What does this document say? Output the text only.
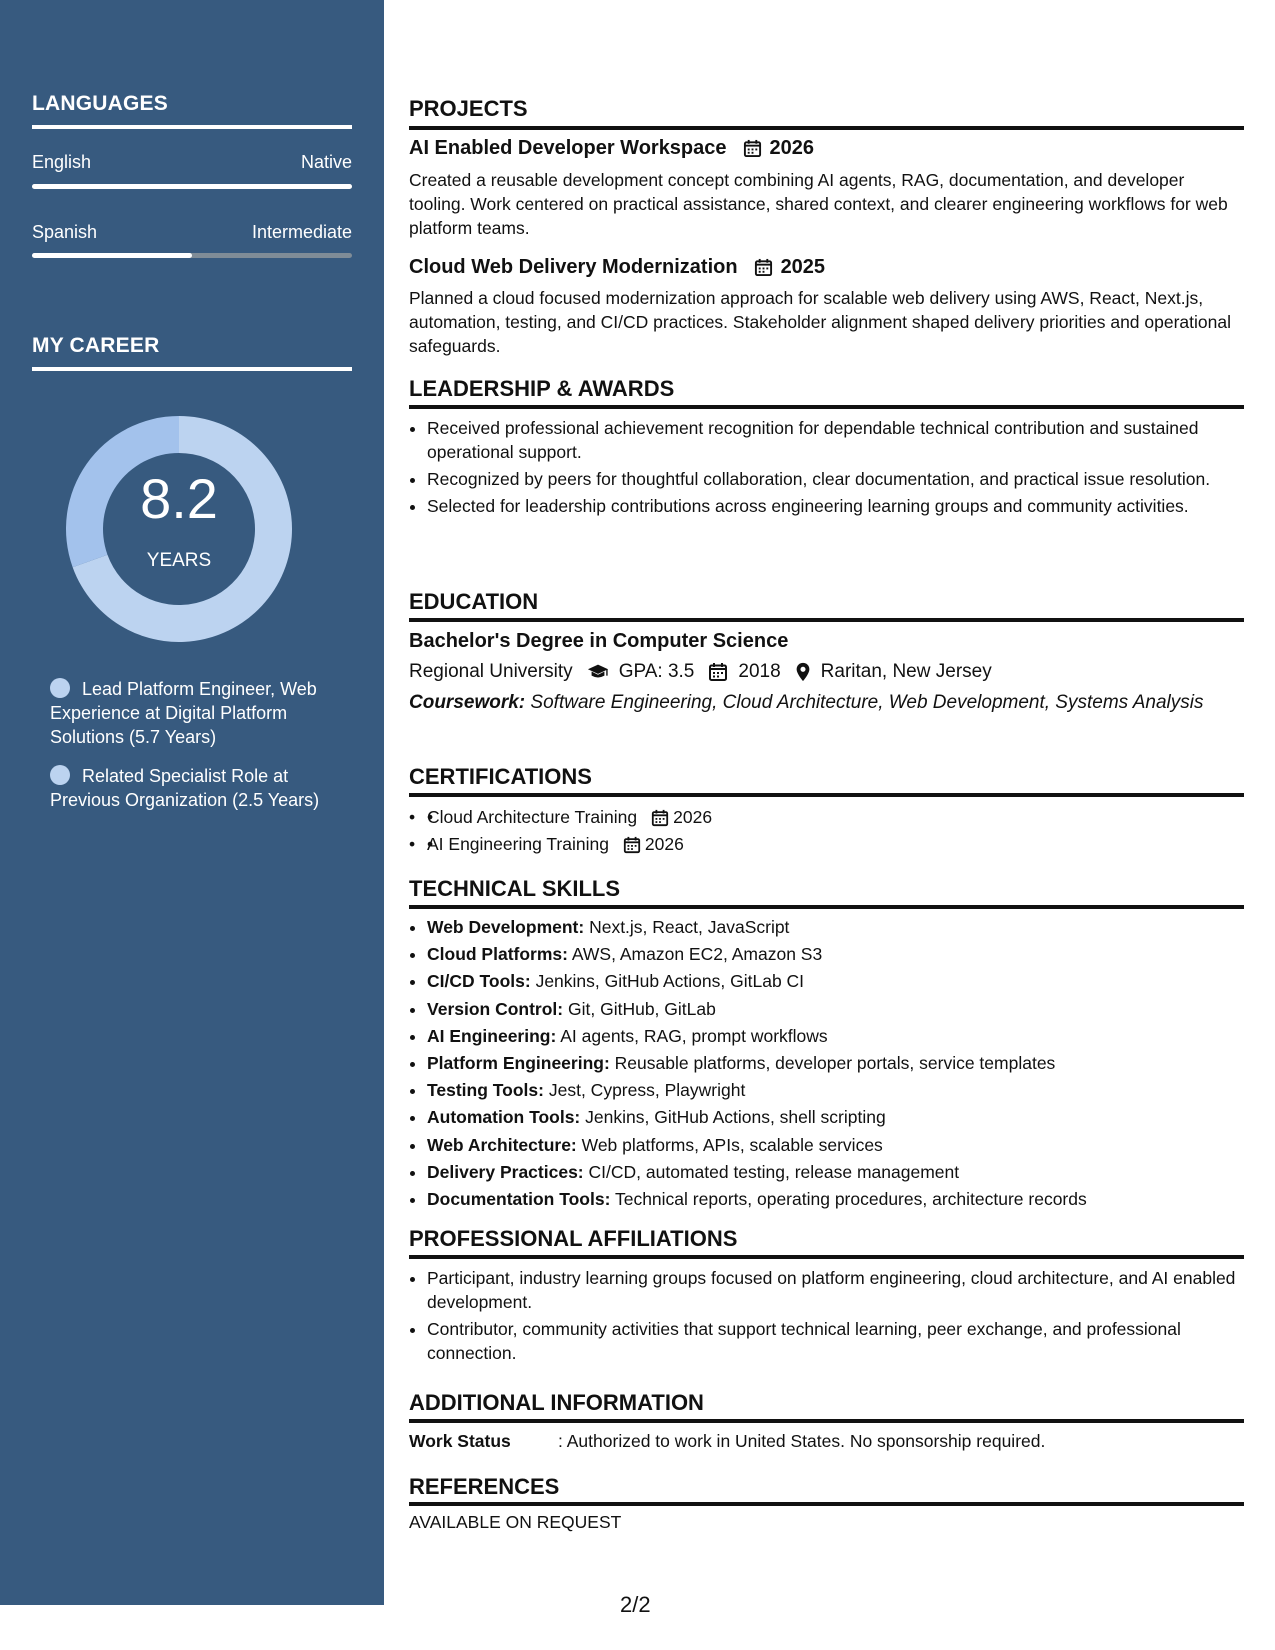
LANGUAGES
English	Native
Spanish	Intermediate
MY CAREER
8.2
YEARS
Lead Platform Engineer, Web Experience at Digital Platform Solutions (5.7 Years)
Related Specialist Role at Previous Organization (2.5 Years)
PROJECTS
AI Enabled Developer Workspace 2026

Created a reusable development concept combining AI agents, RAG, documentation, and developer tooling. Work centered on practical assistance, shared context, and clearer engineering workflows for web platform teams.

Cloud Web Delivery Modernization 2025

Planned a cloud focused modernization approach for scalable web delivery using AWS, React, Next.js, automation, testing, and CI/CD practices. Stakeholder alignment shaped delivery priorities and operational safeguards.

LEADERSHIP & AWARDS
• Received professional achievement recognition for dependable technical contribution and sustained operational support.
• Recognized by peers for thoughtful collaboration, clear documentation, and practical issue resolution.
• Selected for leadership contributions across engineering learning groups and community activities.
EDUCATION
Bachelor's Degree in Computer Science
Regional University GPA: 3.5 2018 Raritan, New Jersey
Coursework: Software Engineering, Cloud Architecture, Web Development, Systems Analysis
CERTIFICATIONS
• • Cloud Architecture Training 2026
• • AI Engineering Training 2026
TECHNICAL SKILLS
• Web Development: Next.js, React, JavaScript
• Cloud Platforms: AWS, Amazon EC2, Amazon S3
• CI/CD Tools: Jenkins, GitHub Actions, GitLab CI
• Version Control: Git, GitHub, GitLab
• AI Engineering: AI agents, RAG, prompt workflows
• Platform Engineering: Reusable platforms, developer portals, service templates
• Testing Tools: Jest, Cypress, Playwright
• Automation Tools: Jenkins, GitHub Actions, shell scripting
• Web Architecture: Web platforms, APIs, scalable services
• Delivery Practices: CI/CD, automated testing, release management
• Documentation Tools: Technical reports, operating procedures, architecture records
PROFESSIONAL AFFILIATIONS
• Participant, industry learning groups focused on platform engineering, cloud architecture, and AI enabled development.
• Contributor, community activities that support technical learning, peer exchange, and professional connection.
ADDITIONAL INFORMATION
Work Status	: Authorized to work in United States. No sponsorship required.
REFERENCES
AVAILABLE ON REQUEST
2/2
